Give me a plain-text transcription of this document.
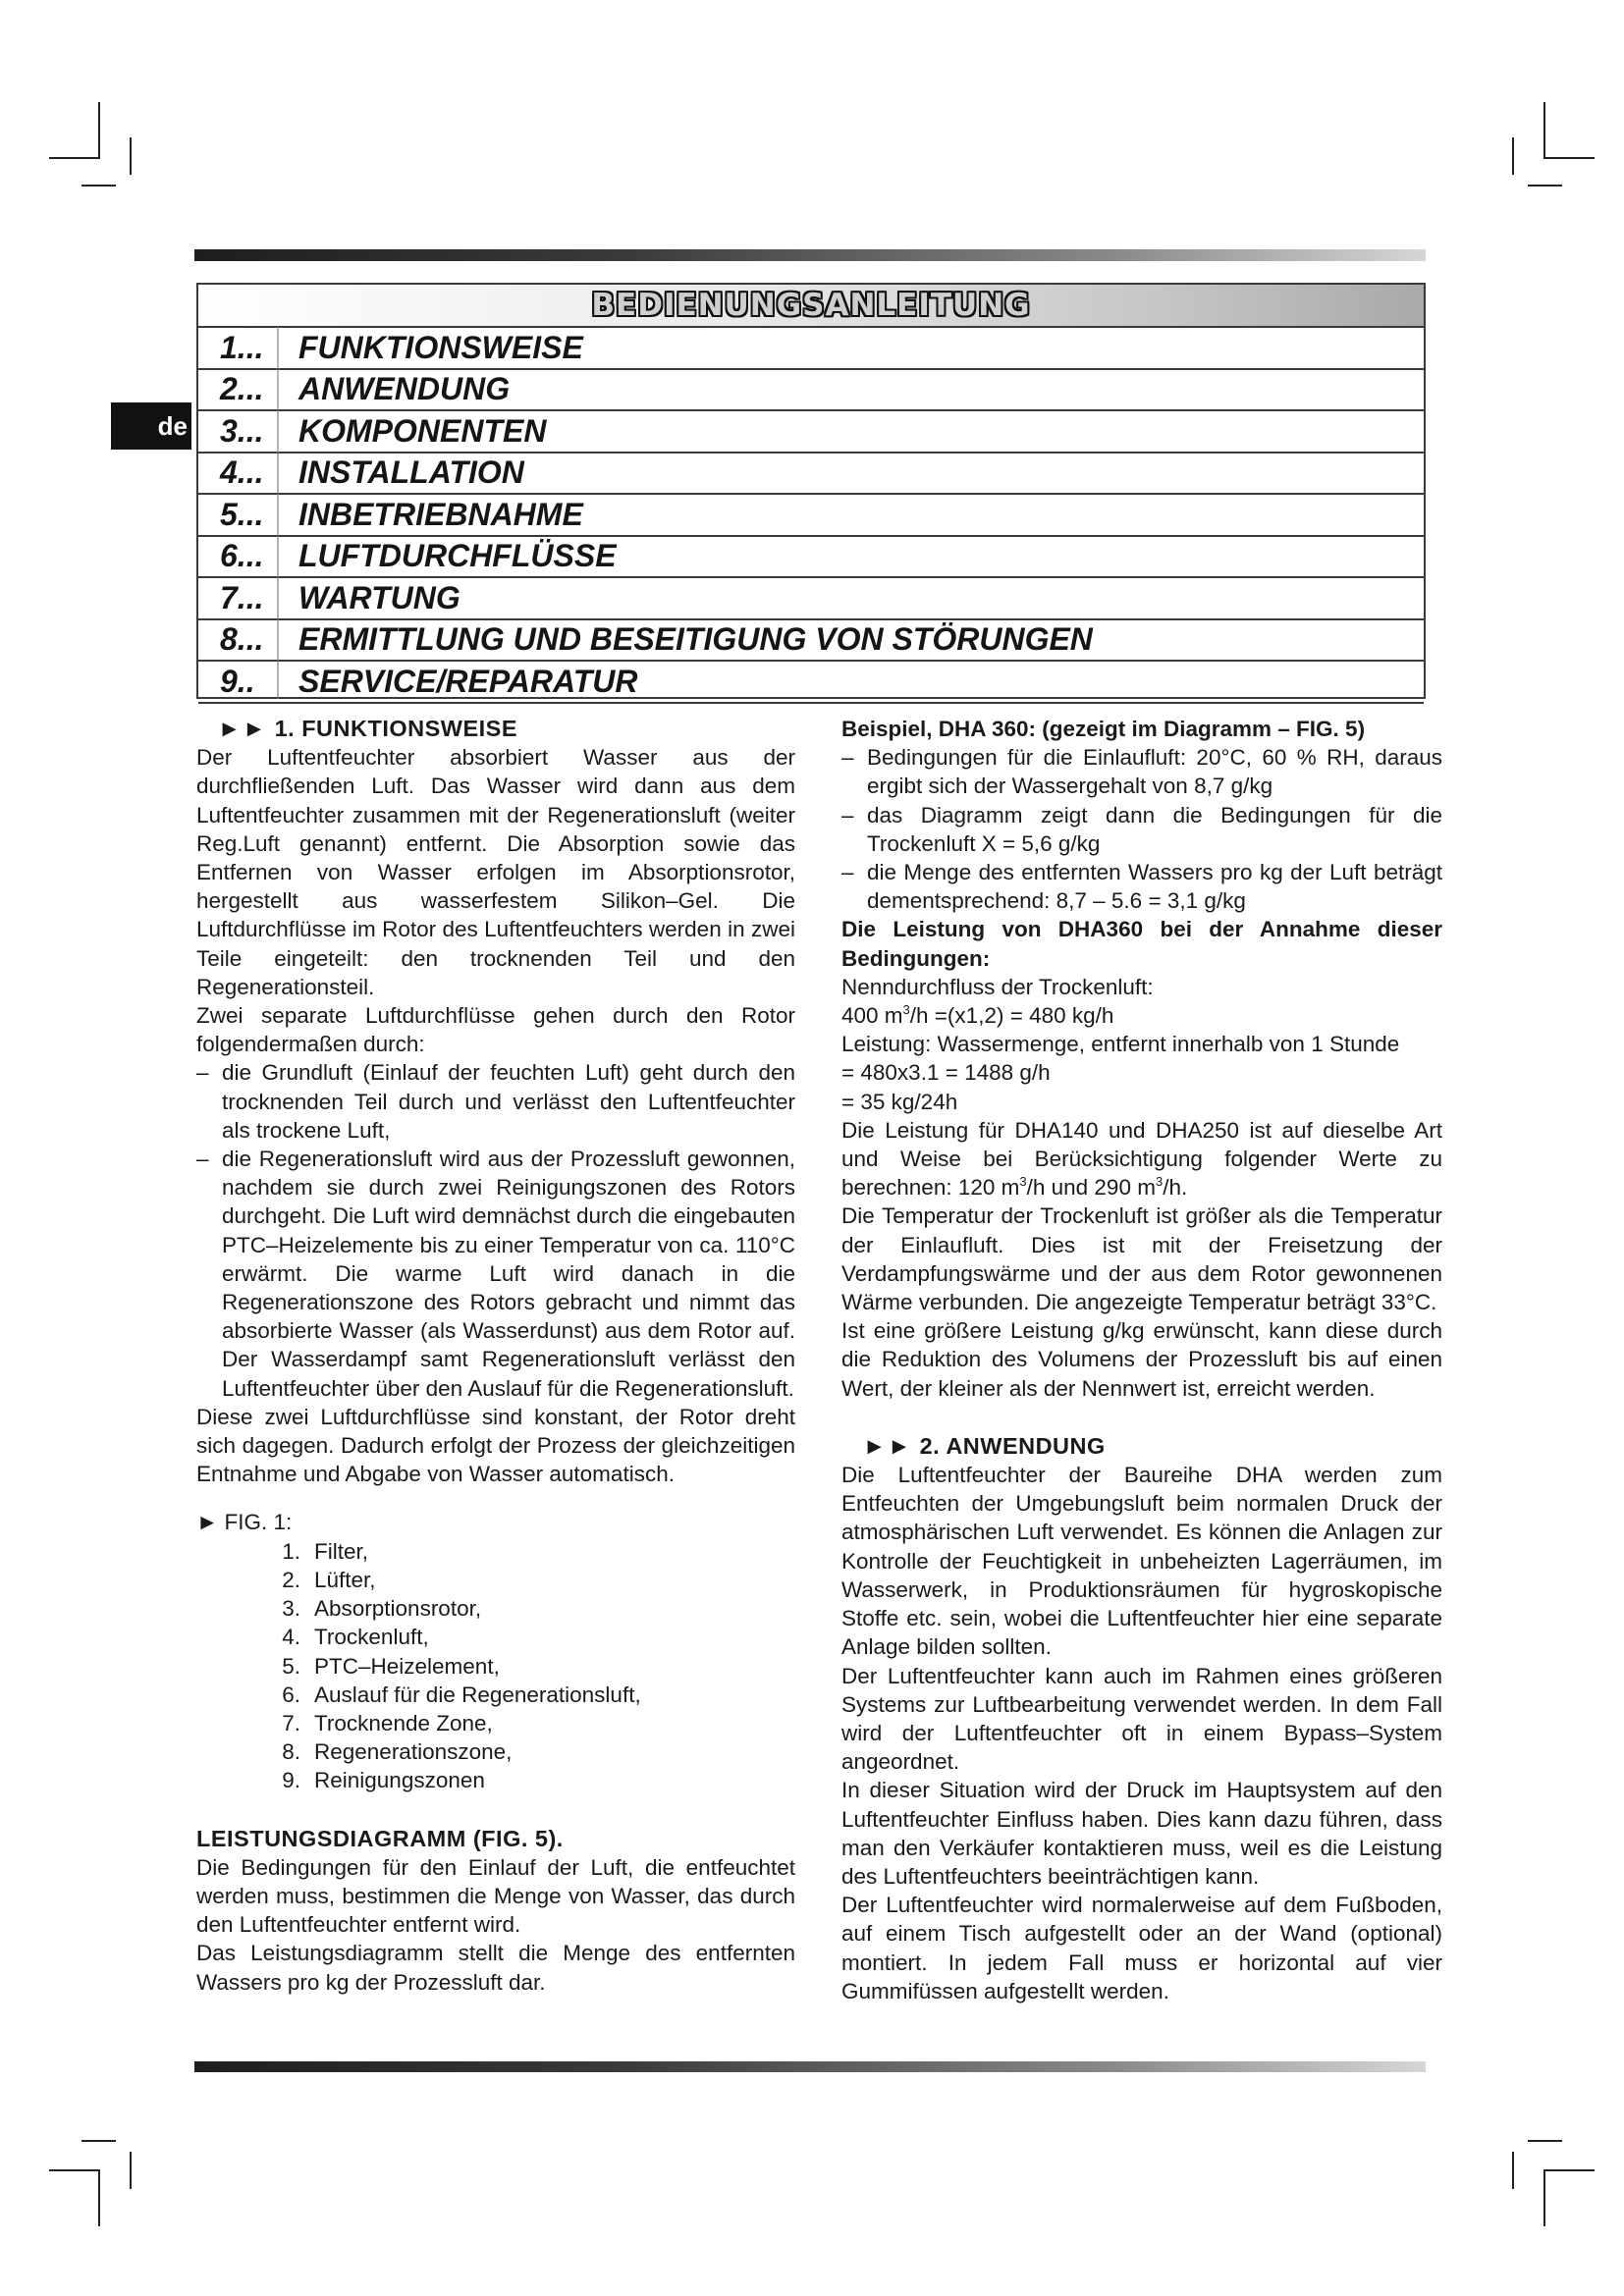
de
BEDIENUNGSANLEITUNG
1...	FUNKTIONSWEISE
2...	ANWENDUNG
3...	KOMPONENTEN
4...	INSTALLATION
5...	INBETRIEBNAHME
6...	LUFTDURCHFLÜSSE
7...	WARTUNG
8...	ERMITTLUNG UND BESEITIGUNG VON STÖRUNGEN
9..	SERVICE/REPARATUR
►► 1. FUNKTIONSWEISE

Der Luftentfeuchter absorbiert Wasser aus der durchfließenden Luft. Das Wasser wird dann aus dem Luftentfeuchter zusammen mit der Regenerationsluft (weiter Reg.Luft genannt) entfernt. Die Absorption sowie das Entfernen von Wasser erfolgen im Absorptionsrotor, hergestellt aus wasserfestem Silikon–Gel. Die Luftdurchflüsse im Rotor des Luftentfeuchters werden in zwei Teile eingeteilt: den trocknenden Teil und den Regenerationsteil.

Zwei separate Luftdurchflüsse gehen durch den Rotor folgendermaßen durch:

– die Grundluft (Einlauf der feuchten Luft) geht durch den trocknenden Teil durch und verlässt den Luftentfeuchter als trockene Luft,
– die Regenerationsluft wird aus der Prozessluft gewonnen, nachdem sie durch zwei Reinigungszonen des Rotors durchgeht. Die Luft wird demnächst durch die eingebauten PTC–Heizelemente bis zu einer Temperatur von ca. 110°C erwärmt. Die warme Luft wird danach in die Regenerationszone des Rotors gebracht und nimmt das absorbierte Wasser (als Wasserdunst) aus dem Rotor auf. Der Wasserdampf samt Regenerationsluft verlässt den Luftentfeuchter über den Auslauf für die Regenerationsluft.

Diese zwei Luftdurchflüsse sind konstant, der Rotor dreht sich dagegen. Dadurch erfolgt der Prozess der gleichzeitigen Entnahme und Abgabe von Wasser automatisch.

► FIG. 1:

1. Filter,
2. Lüfter,
3. Absorptionsrotor,
4. Trockenluft,
5. PTC–Heizelement,
6. Auslauf für die Regenerationsluft,
7. Trocknende Zone,
8. Regenerationszone,
9. Reinigungszonen

LEISTUNGSDIAGRAMM (FIG. 5).

Die Bedingungen für den Einlauf der Luft, die entfeuchtet werden muss, bestimmen die Menge von Wasser, das durch den Luftentfeuchter entfernt wird.

Das Leistungsdiagramm stellt die Menge des entfernten Wassers pro kg der Prozessluft dar.

Beispiel, DHA 360: (gezeigt im Diagramm – FIG. 5)

– Bedingungen für die Einlaufluft: 20°C, 60 % RH, daraus ergibt sich der Wassergehalt von 8,7 g/kg
– das Diagramm zeigt dann die Bedingungen für die Trockenluft X = 5,6 g/kg
– die Menge des entfernten Wassers pro kg der Luft beträgt dementsprechend: 8,7 – 5.6 = 3,1 g/kg

Die Leistung von DHA360 bei der Annahme dieser Bedingungen:

Nenndurchfluss der Trockenluft:

400 $m^3/h =(x1,2) = 480$ kg/h

Leistung: Wassermenge, entfernt innerhalb von 1 Stunde

= 480x3.1 = 1488 g/h

= 35 kg/24h

Die Leistung für DHA140 und DHA250 ist auf dieselbe Art und Weise bei Berücksichtigung folgender Werte zu berechnen: 120 $m^3/h$ und 290 $m^3/h$.

Die Temperatur der Trockenluft ist größer als die Temperatur der Einlaufluft. Dies ist mit der Freisetzung der Verdampfungswärme und der aus dem Rotor gewonnenen Wärme verbunden. Die angezeigte Temperatur beträgt 33°C.

Ist eine größere Leistung g/kg erwünscht, kann diese durch die Reduktion des Volumens der Prozessluft bis auf einen Wert, der kleiner als der Nennwert ist, erreicht werden.

►► 2. ANWENDUNG

Die Luftentfeuchter der Baureihe DHA werden zum Entfeuchten der Umgebungsluft beim normalen Druck der atmosphärischen Luft verwendet. Es können die Anlagen zur Kontrolle der Feuchtigkeit in unbeheizten Lagerräumen, im Wasserwerk, in Produktionsräumen für hygroskopische Stoffe etc. sein, wobei die Luftentfeuchter hier eine separate Anlage bilden sollten.

Der Luftentfeuchter kann auch im Rahmen eines größeren Systems zur Luftbearbeitung verwendet werden. In dem Fall wird der Luftentfeuchter oft in einem Bypass–System angeordnet.

In dieser Situation wird der Druck im Hauptsystem auf den Luftentfeuchter Einfluss haben. Dies kann dazu führen, dass man den Verkäufer kontaktieren muss, weil es die Leistung des Luftentfeuchters beeinträchtigen kann.

Der Luftentfeuchter wird normalerweise auf dem Fußboden, auf einem Tisch aufgestellt oder an der Wand (optional) montiert. In jedem Fall muss er horizontal auf vier Gummifüssen aufgestellt werden.
